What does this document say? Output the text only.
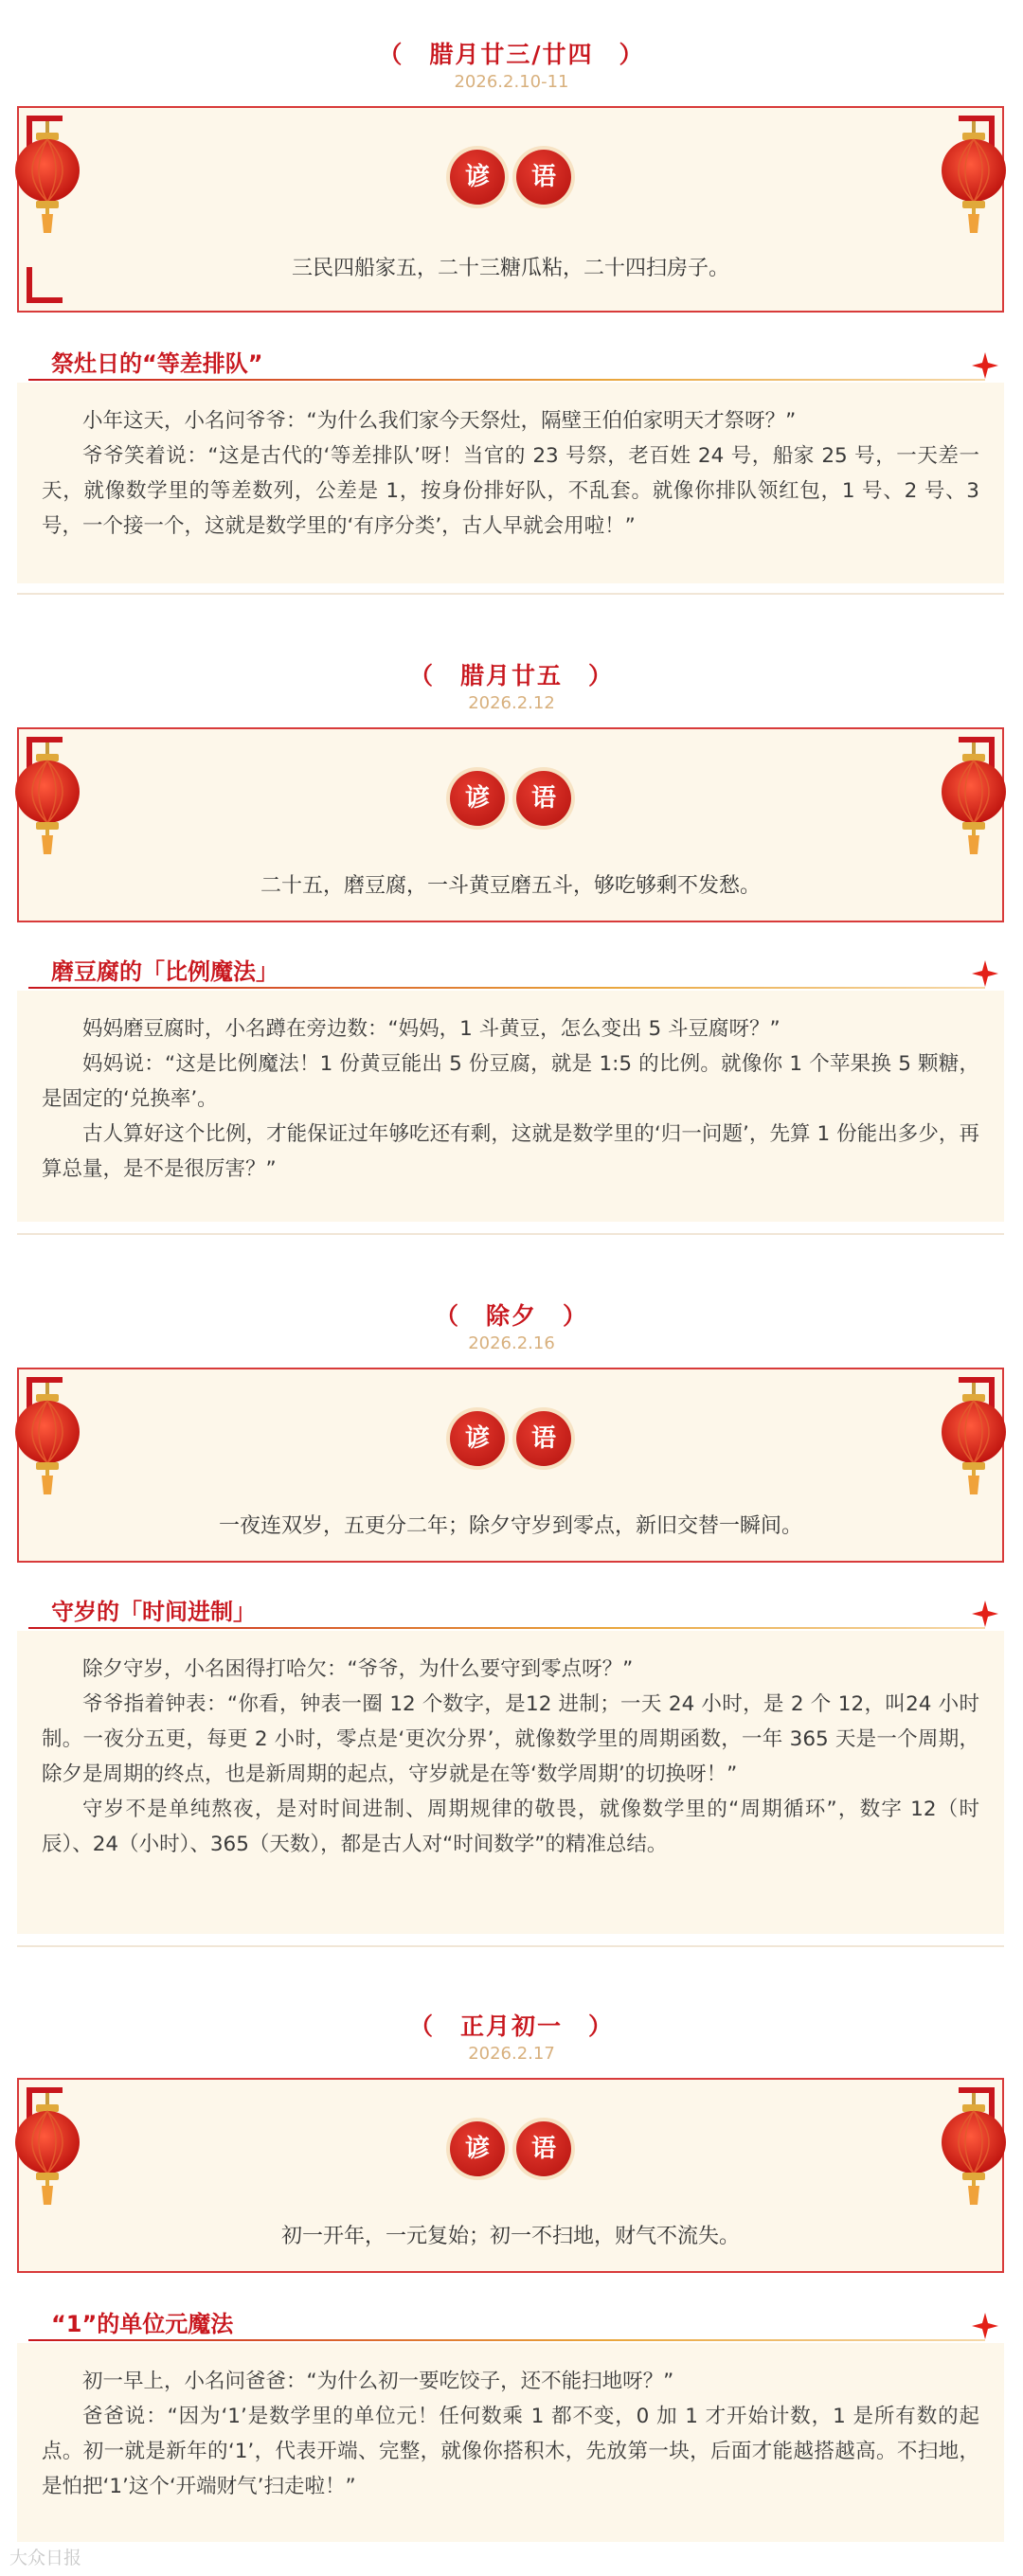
（　腊月廿三/廿四　）
2026.2.10-11
谚 语
三民四船家五，二十三糖瓜粘，二十四扫房子。
祭灶日的“等差排队”

小年这天，小名问爷爷：“为什么我们家今天祭灶，隔壁王伯伯家明天才祭呀？”

爷爷笑着说：“这是古代的‘等差排队’呀！当官的 23 号祭，老百姓 24 号，船家 25 号，一天差一天，就像数学里的等差数列，公差是 1，按身份排好队，不乱套。就像你排队领红包，1 号、2 号、3 号，一个接一个，这就是数学里的‘有序分类’，古人早就会用啦！”

（　腊月廿五　）
2026.2.12
谚 语
二十五，磨豆腐，一斗黄豆磨五斗，够吃够剩不发愁。
磨豆腐的「比例魔法」

妈妈磨豆腐时，小名蹲在旁边数：“妈妈，1 斗黄豆，怎么变出 5 斗豆腐呀？”

妈妈说：“这是比例魔法！1 份黄豆能出 5 份豆腐，就是 1:5 的比例。就像你 1 个苹果换 5 颗糖，是固定的‘兑换率’。

古人算好这个比例，才能保证过年够吃还有剩，这就是数学里的‘归一问题’，先算 1 份能出多少，再算总量，是不是很厉害？”

（　除夕　）
2026.2.16
谚 语
一夜连双岁，五更分二年；除夕守岁到零点，新旧交替一瞬间。
守岁的「时间进制」

除夕守岁，小名困得打哈欠：“爷爷，为什么要守到零点呀？”

爷爷指着钟表：“你看，钟表一圈 12 个数字，是12 进制；一天 24 小时，是 2 个 12，叫24 小时制。一夜分五更，每更 2 小时，零点是‘更次分界’，就像数学里的周期函数，一年 365 天是一个周期，除夕是周期的终点，也是新周期的起点，守岁就是在等‘数学周期’的切换呀！”

守岁不是单纯熬夜，是对时间进制、周期规律的敬畏，就像数学里的“周期循环”，数字 12（时辰）、24（小时）、365（天数），都是古人对“时间数学”的精准总结。

（　正月初一　）
2026.2.17
谚 语
初一开年，一元复始；初一不扫地，财气不流失。
“1”的单位元魔法

初一早上，小名问爸爸：“为什么初一要吃饺子，还不能扫地呀？”

爸爸说：“因为‘1’是数学里的单位元！任何数乘 1 都不变，0 加 1 才开始计数，1 是所有数的起点。初一就是新年的‘1’，代表开端、完整，就像你搭积木，先放第一块，后面才能越搭越高。不扫地，是怕把‘1’这个‘开端财气’扫走啦！”

大众日报
